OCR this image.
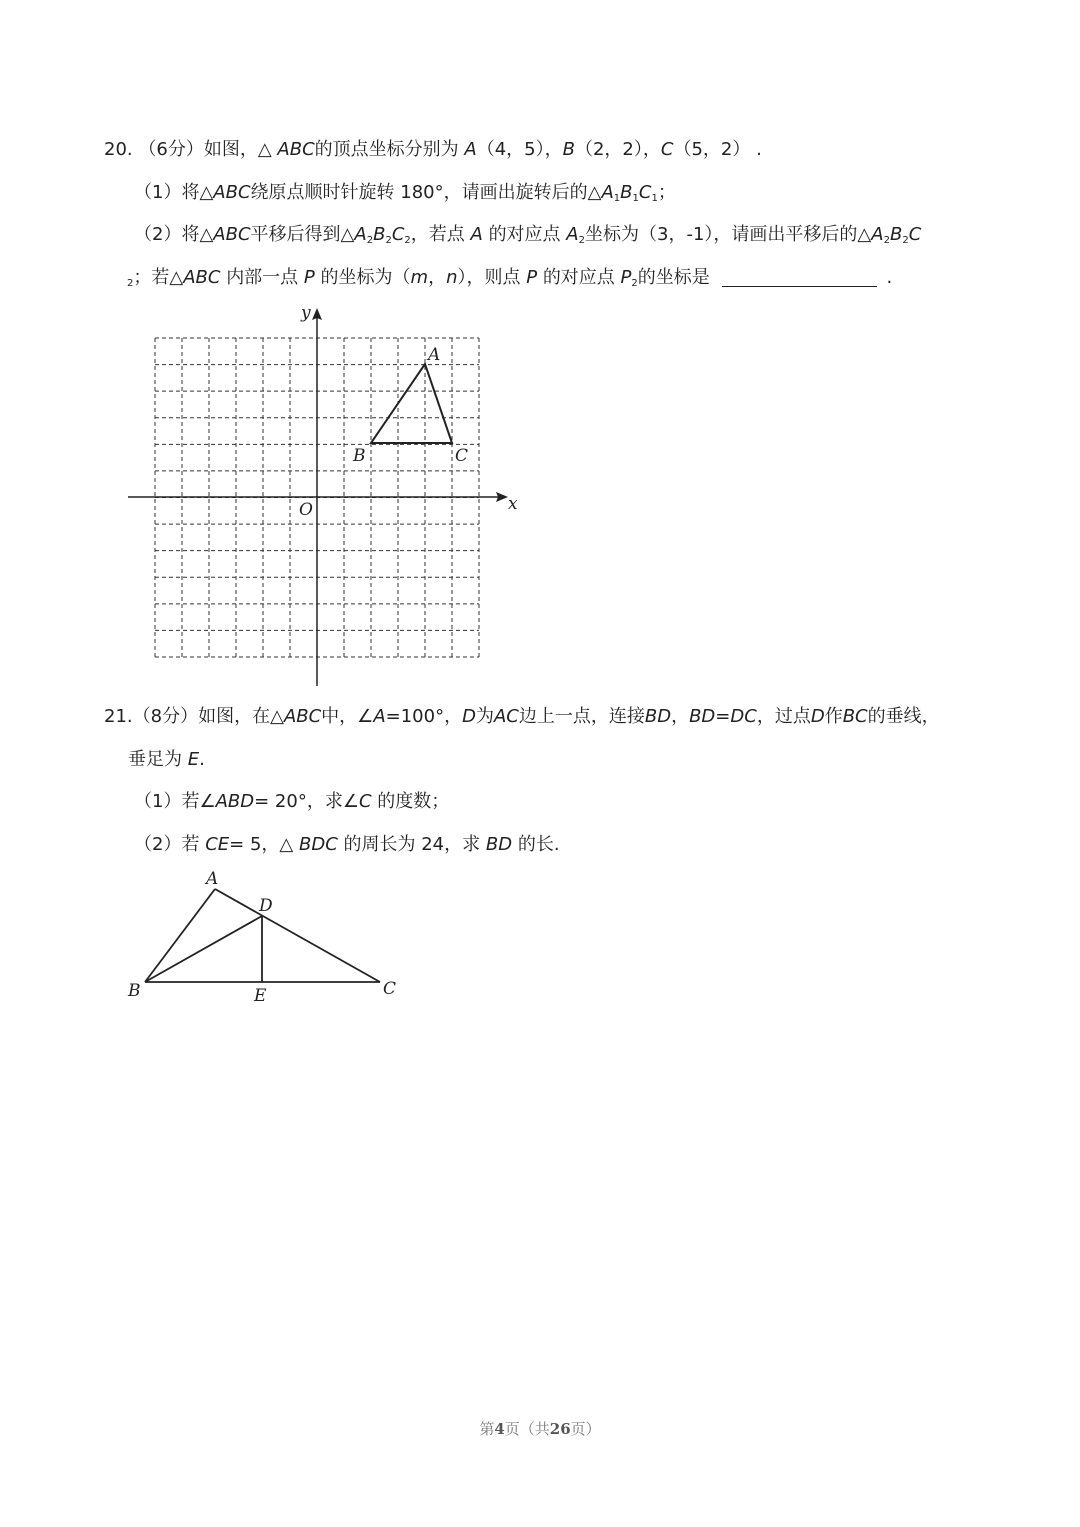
20. （6分）如图，△ ABC的顶点坐标分别为 A（4，5），B（2，2），C（5，2） .
（1）将△ABC绕原点顺时针旋转 180°，请画出旋转后的$\triangle A_1B_1C_1$；
（2）将△ABC平移后得到$\triangle A_2B_2C_2$，若点 A 的对应点 $A_2$坐标为（3，-1），请画出平移后的$\triangle A_2B_2C$
$_2$；若△ABC 内部一点 P 的坐标为（m，n），则点 P 的对应点 $P_2$的坐标是	.
x
y
O
A
B	C
21.（8分）如图，在△ABC中，∠A=100°，D为AC边上一点，连接BD，BD=DC，过点D作BC的垂线，
垂足为 E.
（1）若∠ABD= 20°，求∠C 的度数；
（2）若 CE= 5，△ BDC 的周长为 24，求 BD 的长.
A
D
B	E	C
第4页（共26页）
